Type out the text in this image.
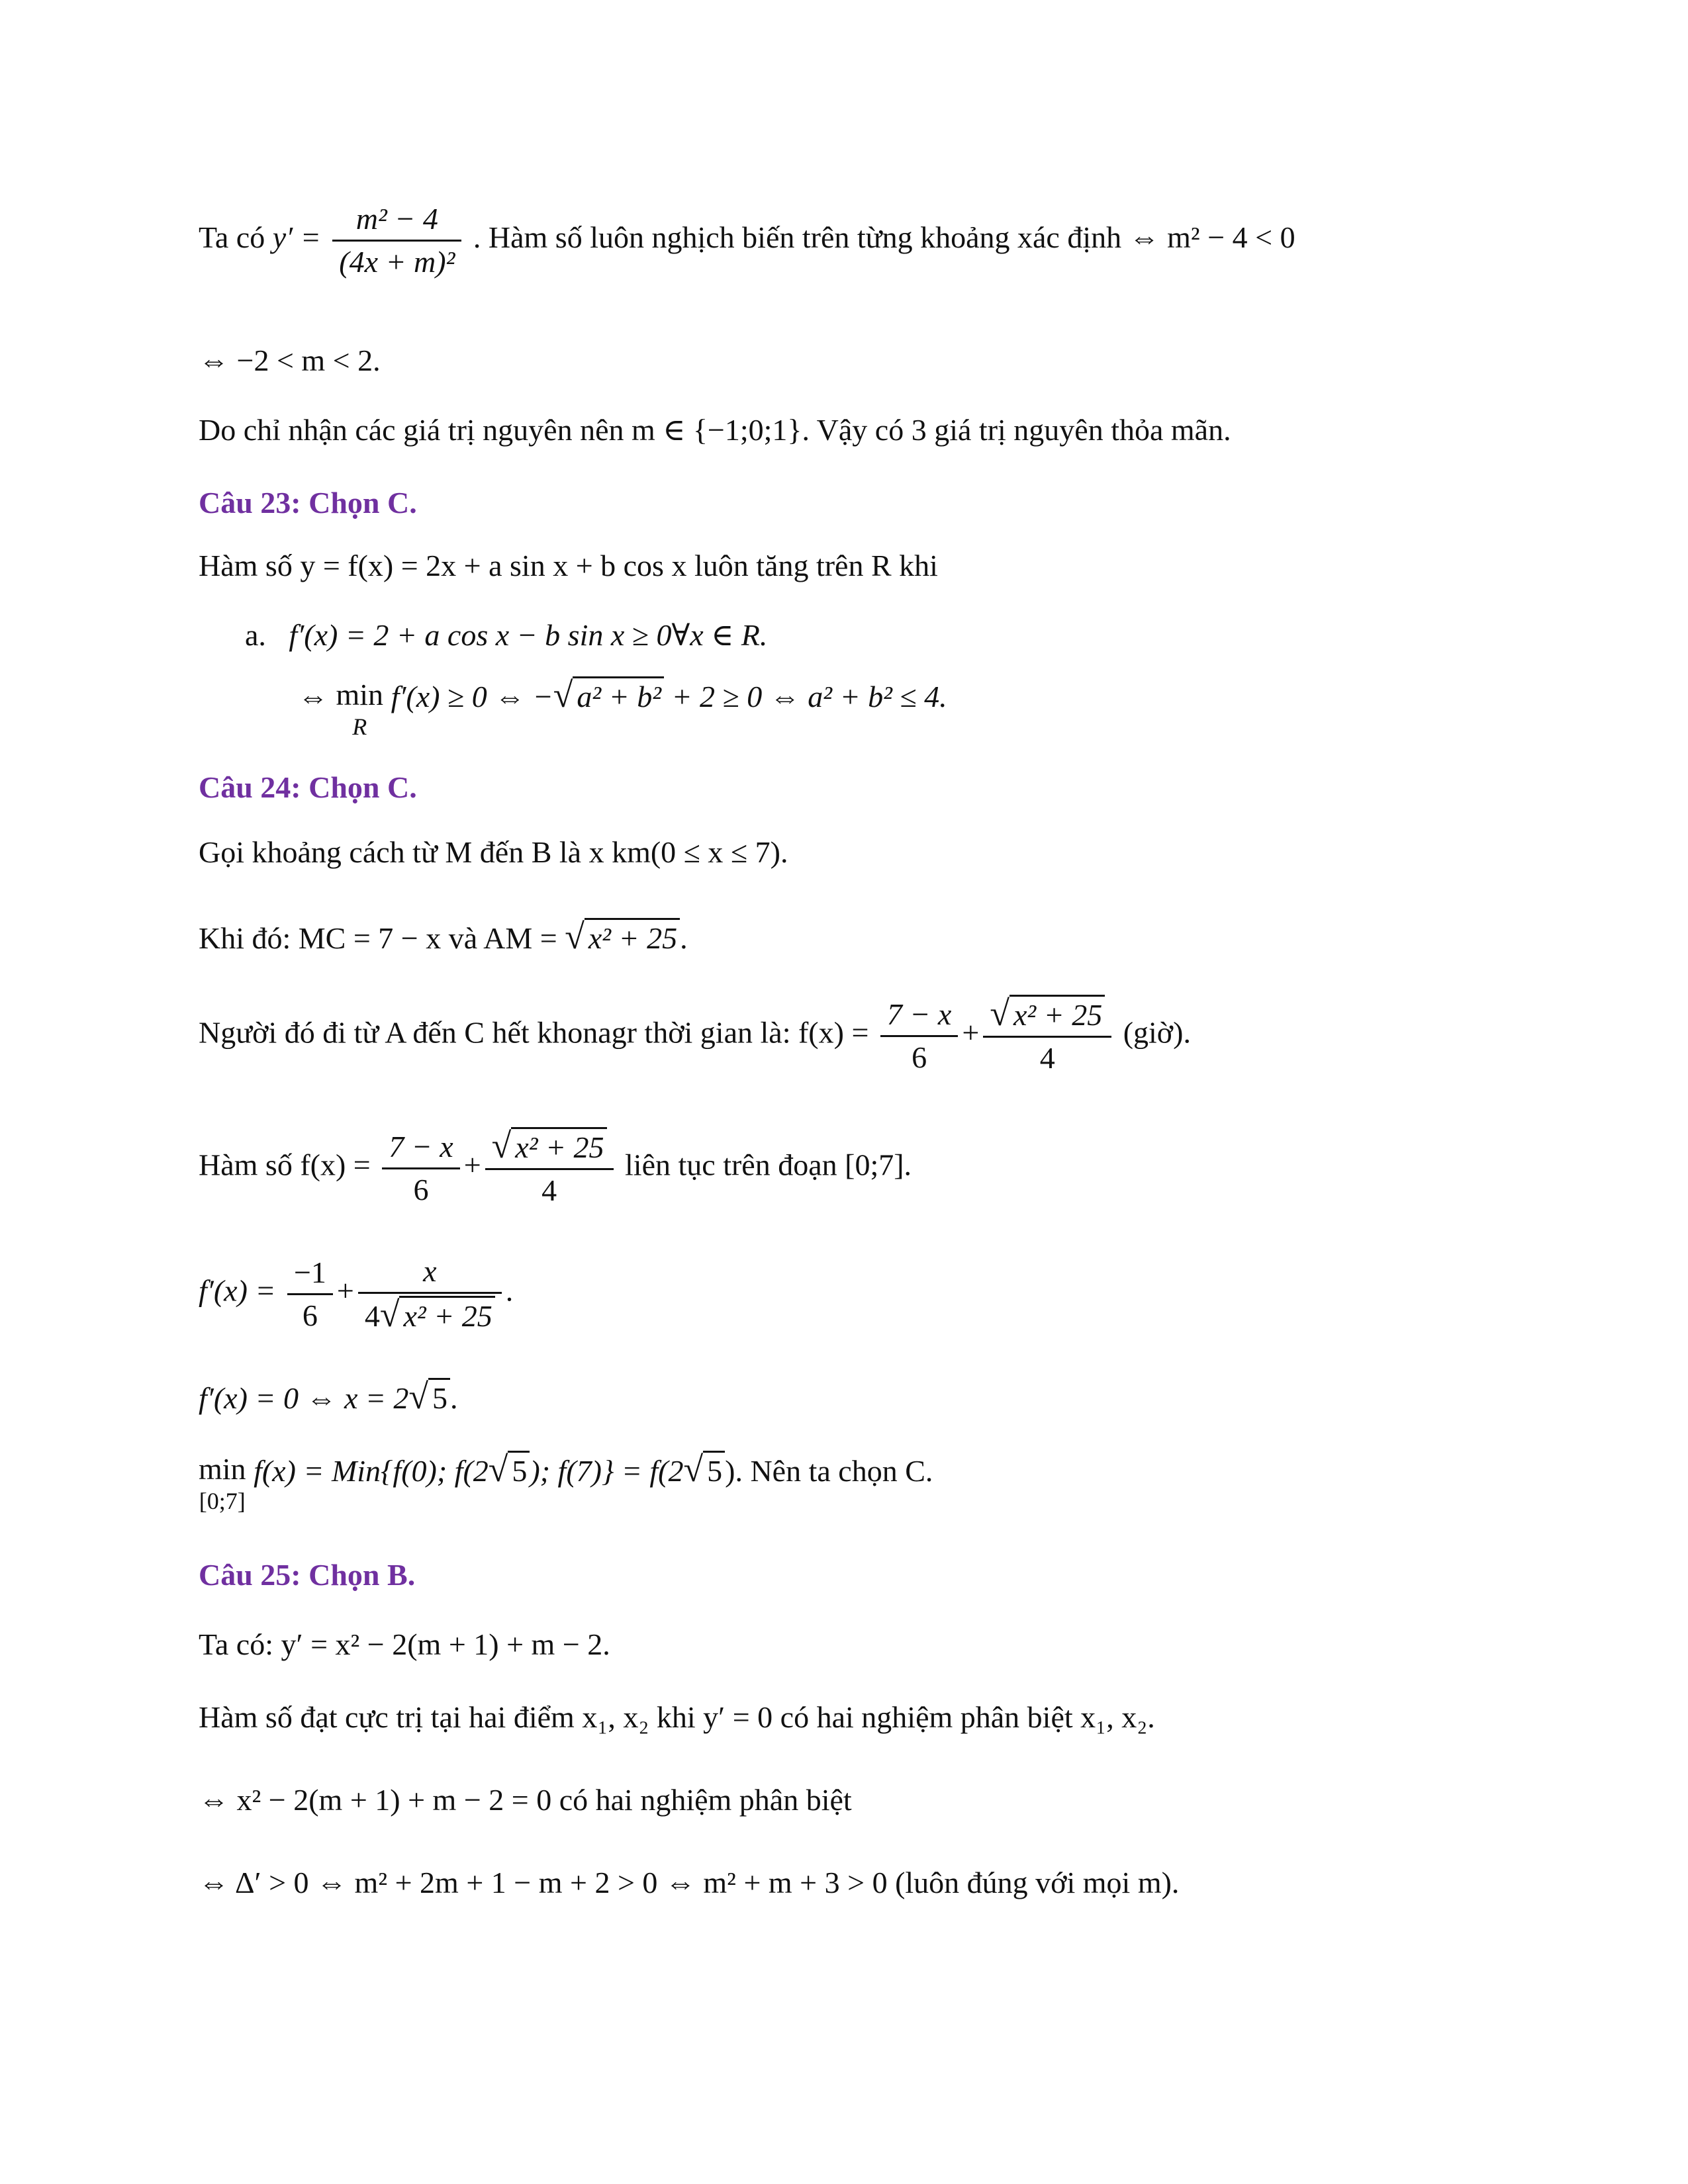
Ta có $y' = \frac{\text{m² − 4}}{\text{(4x + m)²}}$ . Hàm số luôn nghịch biến trên từng khoảng xác định ⇔ m² − 4 < 0
⇔ −2 < m < 2.
Do chỉ nhận các giá trị nguyên nên m ∈ {−1;0;1}. Vậy có 3 giá trị nguyên thỏa mãn.
Câu 23: Chọn C.
Hàm số y = f(x) = 2x + a sin x + b cos x luôn tăng trên R khi
a. f′(x) = 2 + a cos x − b sin x ≥ 0∀x ∈ R.
⇔ min
R
f′(x) ≥ 0 ⇔ −√ a² + b² + 2 ≥ 0 ⇔ a² + b² ≤ 4.
Câu 24: Chọn C.
Gọi khoảng cách từ M đến B là x km(0 ≤ x ≤ 7).
Khi đó: MC = 7 − x và AM = √ x² + 25.
Người đó đi từ A đến C hết khonagr thời gian là: $f(x) = \frac{7 - x}{6} + \frac{\text{√ x² + 25}}{4}$ (giờ).
Hàm số $f(x) = \frac{7 - x}{6} + \frac{\text{√ x² + 25}}{4}$ liên tục trên đoạn [0;7].
$f'(x) = \frac{-1}{6} + \frac{x}{\text{4√ x² + 25}}$ .
f′(x) = 0 ⇔ x = 2√ 5.
min
[0;7]
f(x) = Min{f(0); f(2√ 5); f(7)} = f(2√ 5). Nên ta chọn C.
Câu 25: Chọn B.
Ta có: y′ = x² − 2(m + 1) + m − 2.
Hàm số đạt cực trị tại hai điểm x₁, x₂ khi y′ = 0 có hai nghiệm phân biệt x₁, x₂.
⇔ x² − 2(m + 1) + m − 2 = 0 có hai nghiệm phân biệt
⇔ Δ′ > 0 ⇔ m² + 2m + 1 − m + 2 > 0 ⇔ m² + m + 3 > 0 (luôn đúng với mọi m).
